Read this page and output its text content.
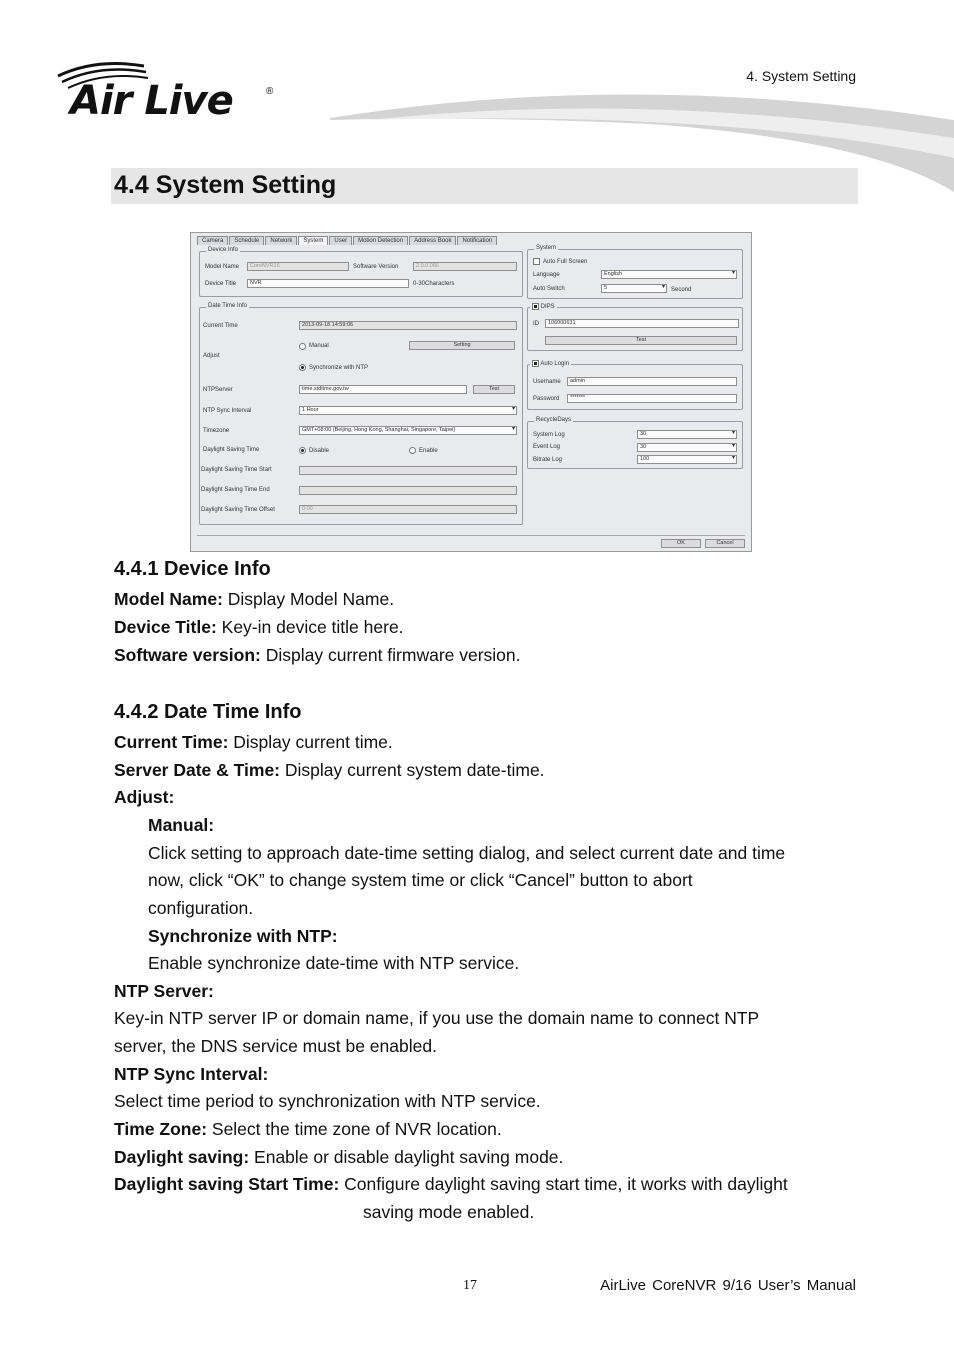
Air Live	®
4. System Setting
4.4 System Setting
Camera	Schedule	Network	System	User	Motion Detection	Address Book	Notification
Device Info
Model Name	CoreNVR16	Software Version	2.0.0.066
Device Title	NVR	0-30Characters
Date Time Info
Current Time	2013-09-18 14:59:06
Adjust
Manual	Setting
Synchronize with NTP
NTPServer	time.stdtime.gov.tw	Test
NTP Sync Interval	1 Hour ▾
Timezone	GMT+08:00 (Beijing, Hong Kong, Shanghai, Singapore, Taipei) ▾
Daylight Saving Time	Disable	Enable
Daylight Saving Time Start
Daylight Saving Time End
Daylight Saving Time Offset	0:00
System
Auto Full Screen
Language	English ▾
Auto Switch	5 ▾	Second
DIPS
ID	106000631
Test
Auto Login
Username	admin
Password	*******
RecycleDays
System Log	30 ▾
Event Log	30 ▾
Bitrate Log	100 ▾
OK	Cancel
4.4.1 Device Info
Model Name: Display Model Name.
Device Title: Key-in device title here.
Software version: Display current firmware version.
4.4.2 Date Time Info
Current Time: Display current time.
Server Date & Time: Display current system date-time.
Adjust:
Manual:
Click setting to approach date-time setting dialog, and select current date and time
now, click “OK” to change system time or click “Cancel” button to abort
configuration.
Synchronize with NTP:
Enable synchronize date-time with NTP service.
NTP Server:
Key-in NTP server IP or domain name, if you use the domain name to connect NTP
server, the DNS service must be enabled.
NTP Sync Interval:
Select time period to synchronization with NTP service.
Time Zone: Select the time zone of NVR location.
Daylight saving: Enable or disable daylight saving mode.
Daylight saving Start Time: Configure daylight saving start time, it works with daylight
saving mode enabled.
17	AirLive CoreNVR 9/16 User’s Manual
